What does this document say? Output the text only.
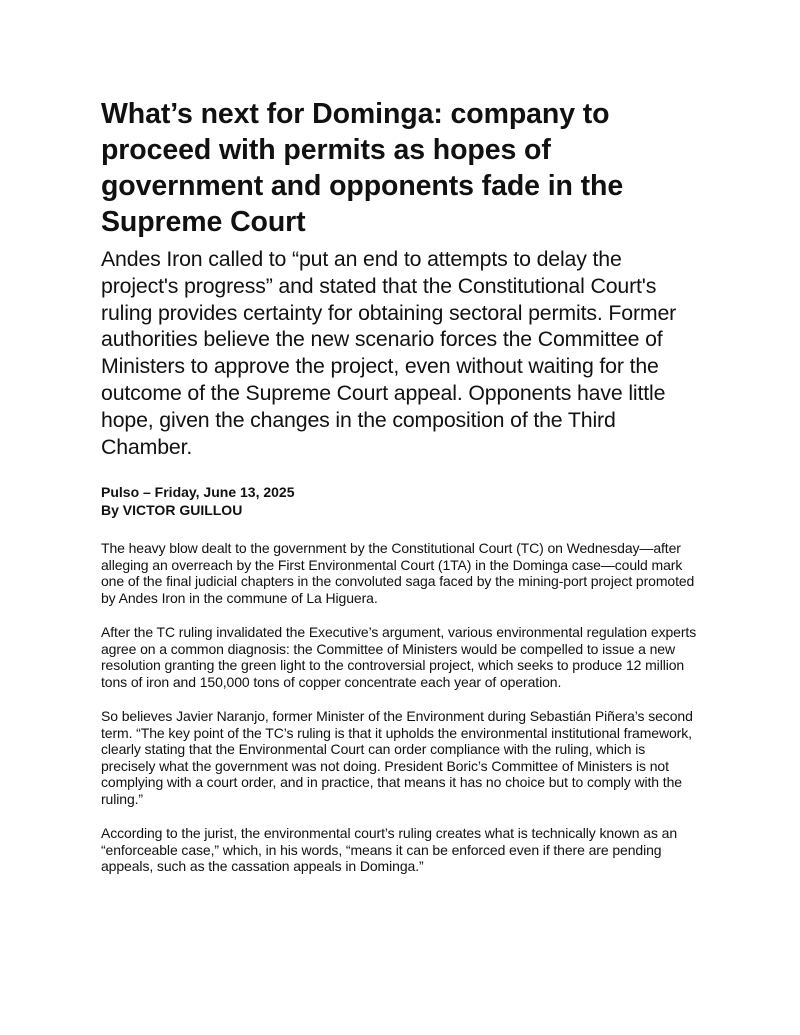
What’s next for Dominga: company to proceed with permits as hopes of government and opponents fade in the Supreme Court

Andes Iron called to “put an end to attempts to delay the project's progress” and stated that the Constitutional Court's ruling provides certainty for obtaining sectoral permits. Former authorities believe the new scenario forces the Committee of Ministers to approve the project, even without waiting for the outcome of the Supreme Court appeal. Opponents have little hope, given the changes in the composition of the Third Chamber.

Pulso – Friday, June 13, 2025
By VICTOR GUILLOU

The heavy blow dealt to the government by the Constitutional Court (TC) on Wednesday—after alleging an overreach by the First Environmental Court (1TA) in the Dominga case—could mark one of the final judicial chapters in the convoluted saga faced by the mining-port project promoted by Andes Iron in the commune of La Higuera.

After the TC ruling invalidated the Executive’s argument, various environmental regulation experts agree on a common diagnosis: the Committee of Ministers would be compelled to issue a new resolution granting the green light to the controversial project, which seeks to produce 12 million tons of iron and 150,000 tons of copper concentrate each year of operation.

So believes Javier Naranjo, former Minister of the Environment during Sebastián Piñera’s second term. “The key point of the TC’s ruling is that it upholds the environmental institutional framework, clearly stating that the Environmental Court can order compliance with the ruling, which is precisely what the government was not doing. President Boric’s Committee of Ministers is not complying with a court order, and in practice, that means it has no choice but to comply with the ruling.”

According to the jurist, the environmental court’s ruling creates what is technically known as an “enforceable case,” which, in his words, “means it can be enforced even if there are pending appeals, such as the cassation appeals in Dominga.”
